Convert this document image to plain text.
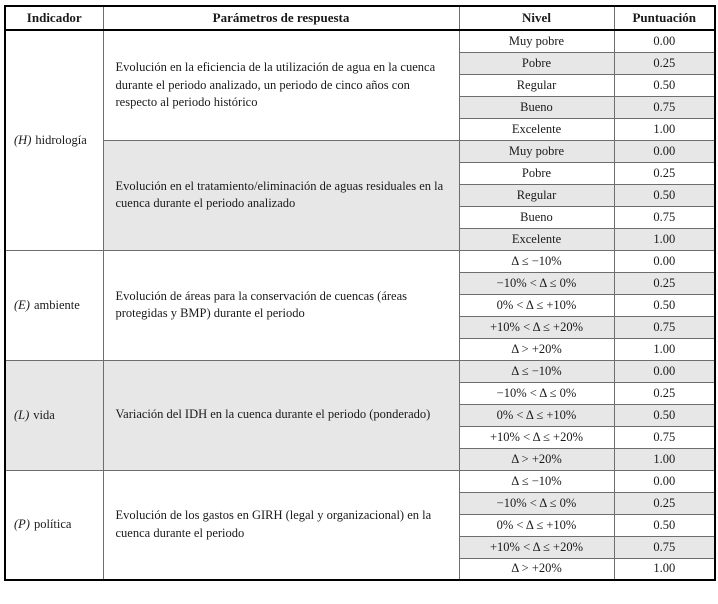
Indicador	Parámetros de respuesta	Nivel	Puntuación
(H) hidrología	Evolución en la eficiencia de la utilización de agua en la cuenca durante el periodo analizado, un periodo de cinco años con respecto al periodo histórico	Muy pobre	0.00
		Pobre	0.25
		Regular	0.50
		Bueno	0.75
		Excelente	1.00
	Evolución en el tratamiento/eliminación de aguas residuales en la cuenca durante el periodo analizado	Muy pobre	0.00
		Pobre	0.25
		Regular	0.50
		Bueno	0.75
		Excelente	1.00
(E) ambiente	Evolución de áreas para la conservación de cuencas (áreas protegidas y BMP) durante el periodo	Δ ≤ −10%	0.00
		−10% < Δ ≤ 0%	0.25
		0% < Δ ≤ +10%	0.50
		+10% < Δ ≤ +20%	0.75
		Δ > +20%	1.00
(L) vida	Variación del IDH en la cuenca durante el periodo (ponderado)	Δ ≤ −10%	0.00
		−10% < Δ ≤ 0%	0.25
		0% < Δ ≤ +10%	0.50
		+10% < Δ ≤ +20%	0.75
		Δ > +20%	1.00
(P) política	Evolución de los gastos en GIRH (legal y organizacional) en la cuenca durante el periodo	Δ ≤ −10%	0.00
		−10% < Δ ≤ 0%	0.25
		0% < Δ ≤ +10%	0.50
		+10% < Δ ≤ +20%	0.75
		Δ > +20%	1.00
